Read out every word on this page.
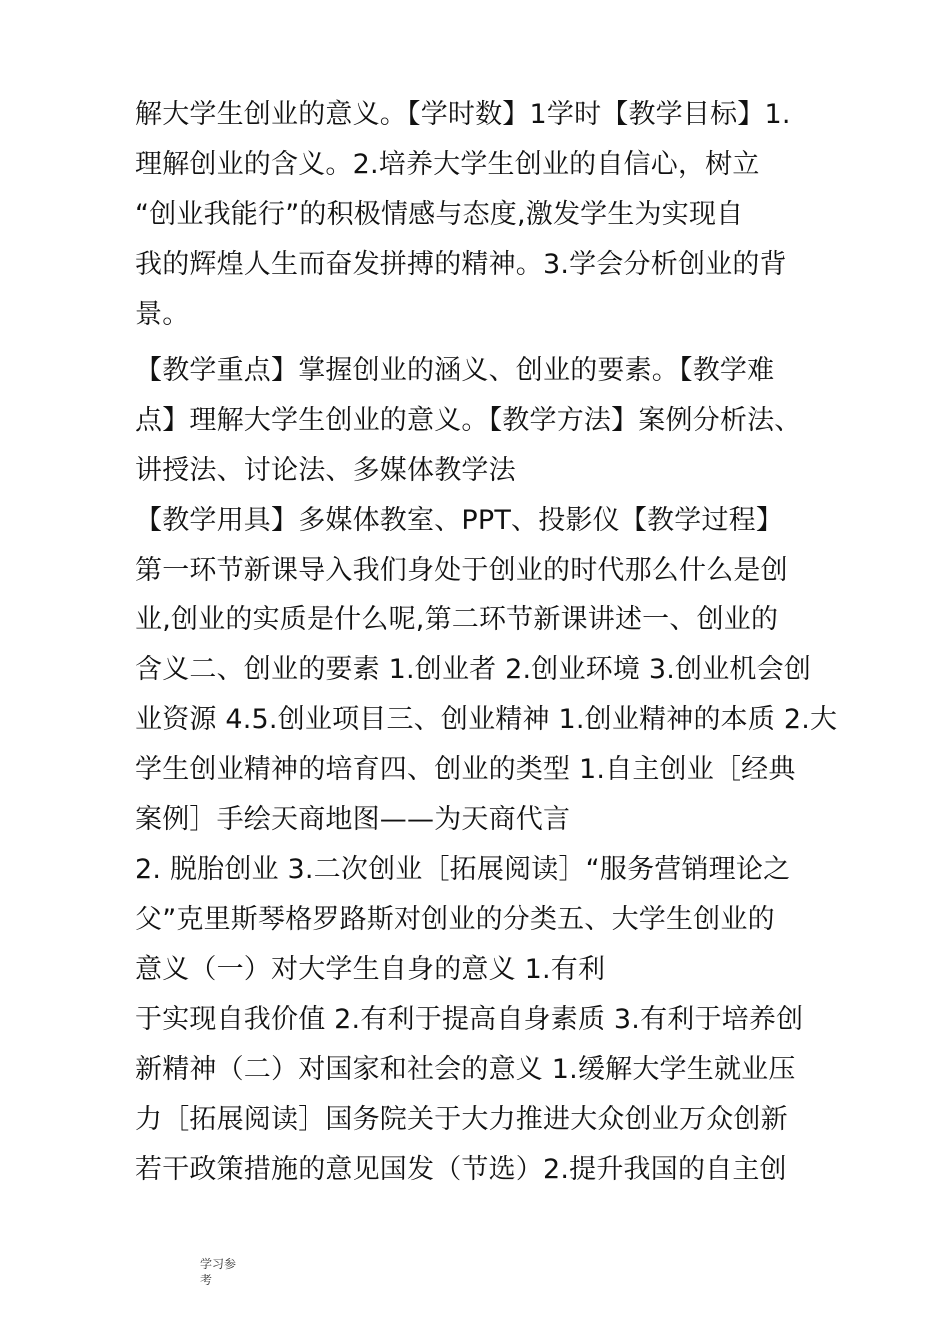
解大学生创业的意义。【学时数】1学时【教学目标】1.
理解创业的含义。2.培养大学生创业的自信心，树立
“创业我能行”的积极情感与态度,激发学生为实现自
我的辉煌人生而奋发拼搏的精神。3.学会分析创业的背
景。
【教学重点】掌握创业的涵义、创业的要素。【教学难
点】理解大学生创业的意义。【教学方法】案例分析法、
讲授法、讨论法、多媒体教学法
【教学用具】多媒体教室、PPT、投影仪【教学过程】
第一环节新课导入我们身处于创业的时代那么什么是创
业,创业的实质是什么呢,第二环节新课讲述一、创业的
含义二、创业的要素 1.创业者 2.创业环境 3.创业机会创
业资源 4.5.创业项目三、创业精神 1.创业精神的本质 2.大
学生创业精神的培育四、创业的类型 1.自主创业［经典
案例］手绘天商地图——为天商代言
2. 脱胎创业 3.二次创业［拓展阅读］“服务营销理论之
父”克里斯琴格罗路斯对创业的分类五、大学生创业的
意义（一）对大学生自身的意义 1.有利
于实现自我价值 2.有利于提高自身素质 3.有利于培养创
新精神（二）对国家和社会的意义 1.缓解大学生就业压
力［拓展阅读］国务院关于大力推进大众创业万众创新
若干政策措施的意见国发（节选）2.提升我国的自主创
学习参
考
